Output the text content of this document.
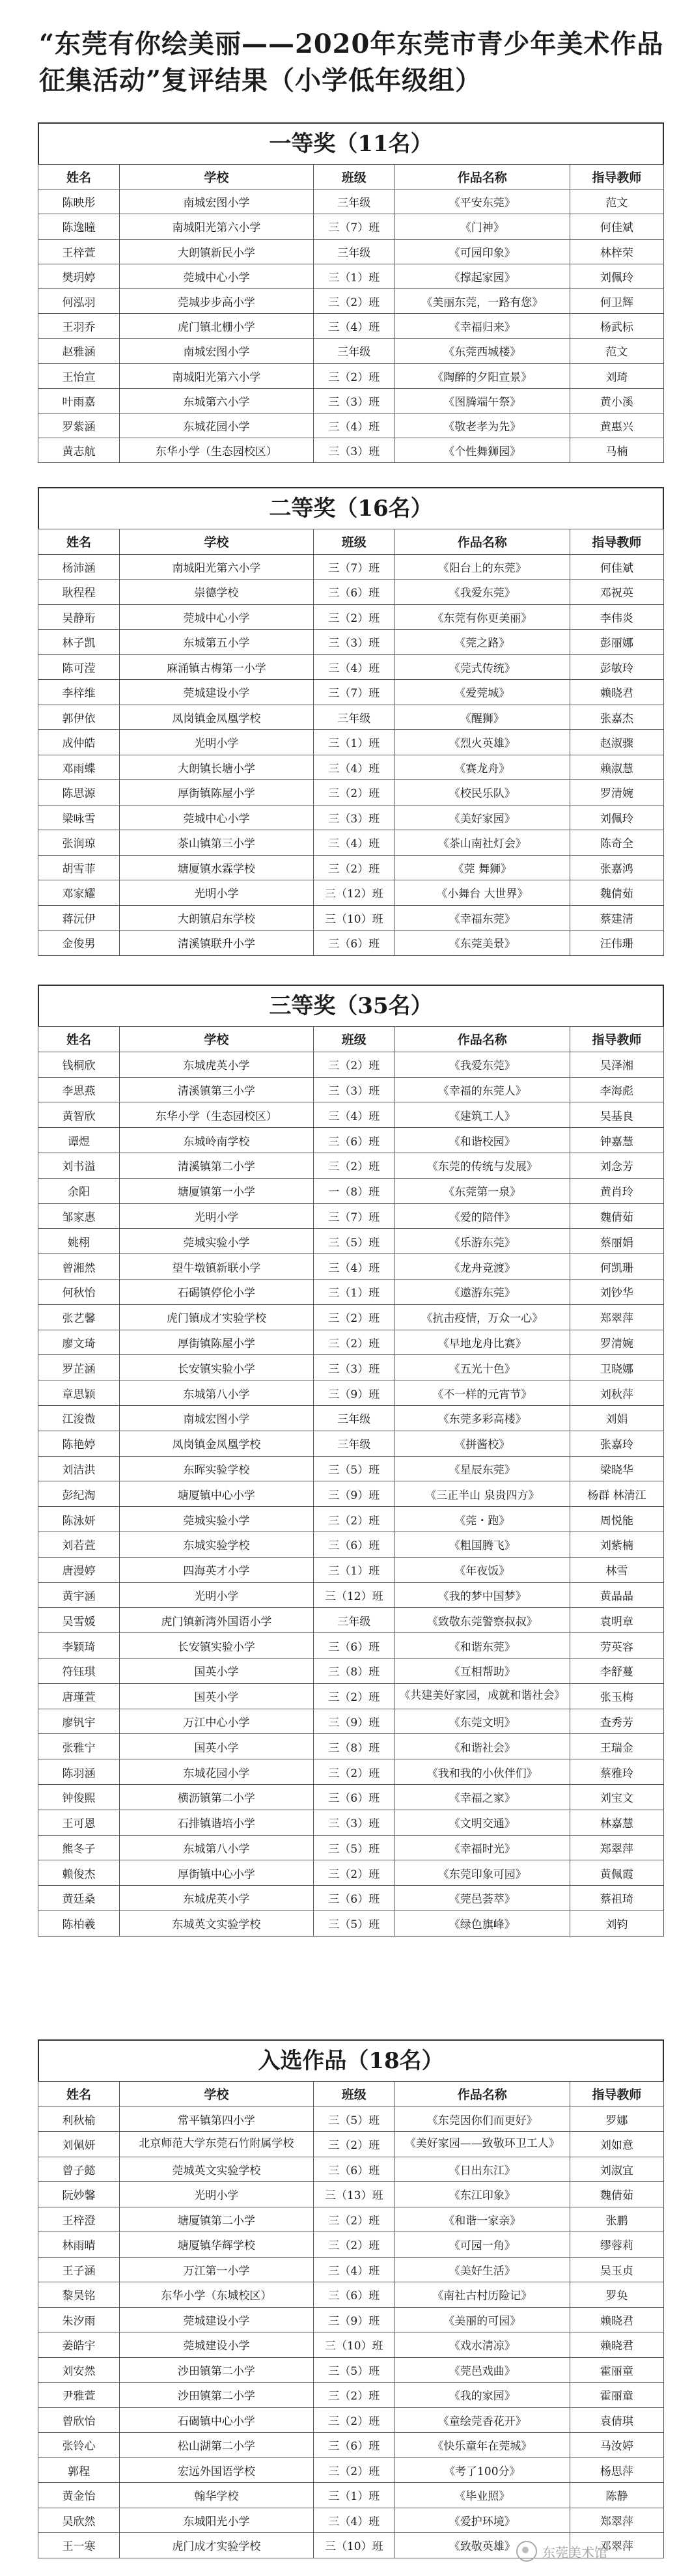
“东莞有你绘美丽——2020年东莞市青少年美术作品征集活动”复评结果（小学低年级组）
一等奖（11名）
姓名	学校	班级	作品名称	指导教师
陈映彤	南城宏图小学	三年级	《平安东莞》	范文
陈逸瞳	南城阳光第六小学	三（7）班	《门神》	何佳斌
王梓萱	大朗镇新民小学	三年级	《可园印象》	林梓荣
樊玥婷	莞城中心小学	三（1）班	《撑起家园》	刘佩玲
何泓羽	莞城步步高小学	三（2）班	《美丽东莞，一路有您》	何卫辉
王羽乔	虎门镇北栅小学	三（4）班	《幸福归来》	杨武标
赵雅涵	南城宏图小学	三年级	《东莞西城楼》	范文
王怡宣	南城阳光第六小学	三（2）班	《陶醉的夕阳宣景》	刘琦
叶雨嘉	东城第六小学	三（3）班	《图腾端午祭》	黄小溪
罗紫涵	东城花园小学	三（4）班	《敬老孝为先》	黄惠兴
黄志航	东华小学（生态园校区）	三（3）班	《个性舞狮园》	马楠
二等奖（16名）
姓名	学校	班级	作品名称	指导教师
杨沛涵	南城阳光第六小学	三（7）班	《阳台上的东莞》	何佳斌
耿程程	崇德学校	三（6）班	《我爱东莞》	邓祝英
吴静珩	莞城中心小学	三（2）班	《东莞有你更美丽》	李伟炎
林子凯	东城第五小学	三（3）班	《莞之路》	彭丽娜
陈可滢	麻涌镇古梅第一小学	三（4）班	《莞式传统》	彭敏玲
李梓维	莞城建设小学	三（7）班	《爱莞城》	赖晓君
郭伊依	凤岗镇金凤凰学校	三年级	《醒狮》	张嘉杰
成仲皓	光明小学	三（1）班	《烈火英雄》	赵淑骤
邓雨蝶	大朗镇长塘小学	三（4）班	《赛龙舟》	赖淑慧
陈思源	厚街镇陈屋小学	三（2）班	《校民乐队》	罗清婉
梁咏雪	莞城中心小学	三（3）班	《美好家园》	刘佩玲
张润琼	茶山镇第三小学	三（4）班	《茶山南社灯会》	陈奇全
胡雪菲	塘厦镇水霖学校	三（2）班	《莞 舞狮》	张嘉鸿
邓家耀	光明小学	三（12）班	《小舞台 大世界》	魏倩茹
蒋沅伊	大朗镇启东学校	三（10）班	《幸福东莞》	蔡建清
金俊男	清溪镇联升小学	三（6）班	《东莞美景》	汪伟珊
三等奖（35名）
姓名	学校	班级	作品名称	指导教师
钱桐欣	东城虎英小学	三（2）班	《我爱东莞》	吴泽湘
李思燕	清溪镇第三小学	三（3）班	《幸福的东莞人》	李海彪
黄智欣	东华小学（生态园校区）	三（4）班	《建筑工人》	吴基良
谭煜	东城岭南学校	三（6）班	《和谐校园》	钟嘉慧
刘书溢	清溪镇第二小学	三（2）班	《东莞的传统与发展》	刘念芳
余阳	塘厦镇第一小学	一（8）班	《东莞第一泉》	黄肖玲
邹家惠	光明小学	三（7）班	《爱的陪伴》	魏倩茹
姚栩	莞城实验小学	三（5）班	《乐游东莞》	蔡丽娟
曾湘然	望牛墩镇新联小学	三（4）班	《龙舟竞渡》	何凯珊
何秋怡	石碣镇停伦小学	三（1）班	《遨游东莞》	刘钞华
张艺馨	虎门镇成才实验学校	三（2）班	《抗击疫情，万众一心》	郑翠萍
廖文琦	厚街镇陈屋小学	三（2）班	《早地龙舟比赛》	罗清婉
罗芷涵	长安镇实验小学	三（3）班	《五光十色》	卫晓娜
章思颖	东城第八小学	三（9）班	《不一样的元宵节》	刘秋萍
江浚微	南城宏图小学	三年级	《东莞多彩高楼》	刘娟
陈艳婷	凤岗镇金凤凰学校	三年级	《拼酱校》	张嘉玲
刘洁洪	东晖实验学校	三（5）班	《星辰东莞》	梁晓华
彭纪淘	塘厦镇中心小学	三（9）班	《三正半山 泉贵四方》	杨群 林清江
陈泳妍	莞城实验小学	三（2）班	《莞・跑》	周悦能
刘若萱	东城实验学校	三（6）班	《粗国腾飞》	刘紫楠
唐漫婷	四海英才小学	三（1）班	《年夜饭》	林雪
黄宇涵	光明小学	三（12）班	《我的梦中国梦》	黄晶晶
吴雪媛	虎门镇新湾外国语小学	三年级	《致敬东莞警察叔叔》	袁明章
李颖琦	长安镇实验小学	三（6）班	《和谐东莞》	劳英容
符钰琪	国英小学	三（8）班	《互相帮助》	李舒蔓
唐瑾萱	国英小学	三（2）班	《共建美好家园，成就和谐社会》	张玉梅
廖钒宇	万江中心小学	三（9）班	《东莞文明》	查秀芳
张雅宁	国英小学	三（8）班	《和谐社会》	王瑞金
陈羽涵	东城花园小学	三（2）班	《我和我的小伙伴们》	蔡雅玲
钟俊熙	横沥镇第二小学	三（6）班	《幸福之家》	刘宝文
王可恩	石排镇谐培小学	三（3）班	《文明交通》	林嘉慧
熊冬子	东城第八小学	三（5）班	《幸福时光》	郑翠萍
赖俊杰	厚街镇中心小学	三（2）班	《东莞印象可园》	黄佩霞
黄廷桑	东城虎英小学	三（6）班	《莞邑荟萃》	蔡祖琦
陈柏羲	东城英文实验学校	三（5）班	《绿色旗峰》	刘钧
入选作品（18名）
姓名	学校	班级	作品名称	指导教师
利秋榆	常平镇第四小学	三（5）班	《东莞因你们而更好》	罗娜
刘佩妍	北京师范大学东莞石竹附属学校	三（2）班	《美好家园——致敬环卫工人》	刘如意
曾子懿	莞城英文实验学校	三（6）班	《日出东江》	刘淑宜
阮妙馨	光明小学	三（13）班	《东江印象》	魏倩茹
王梓澄	塘厦镇第二小学	三（2）班	《和谐一家亲》	张鹏
林雨晴	塘厦镇华辉学校	三（2）班	《可园一角》	缪蓉莉
王子涵	万江第一小学	三（4）班	《美好生活》	吴玉贞
黎昊铭	东华小学（东城校区）	三（6）班	《南社古村历险记》	罗奂
朱汐雨	莞城建设小学	三（9）班	《美丽的可园》	赖晓君
姜皓宇	莞城建设小学	三（10）班	《戏水清凉》	赖晓君
刘安然	沙田镇第二小学	三（5）班	《莞邑戏曲》	霍丽童
尹雅萱	沙田镇第二小学	三（2）班	《我的家园》	霍丽童
曾欣怡	石碣镇中心小学	三（2）班	《童绘莞香花开》	袁倩琪
张铃心	松山湖第二小学	三（6）班	《快乐童年在莞城》	马汝婷
郭程	宏远外国语学校	三（2）班	《考了100分》	杨思萍
黄金怡	翰华学校	三（1）班	《毕业照》	陈静
吴欣然	东城阳光小学	三（4）班	《爱护环境》	郑翠萍
王一寒	虎门成才实验学校	三（10）班	《致敬英雄》	邓翠萍
东莞美术馆
